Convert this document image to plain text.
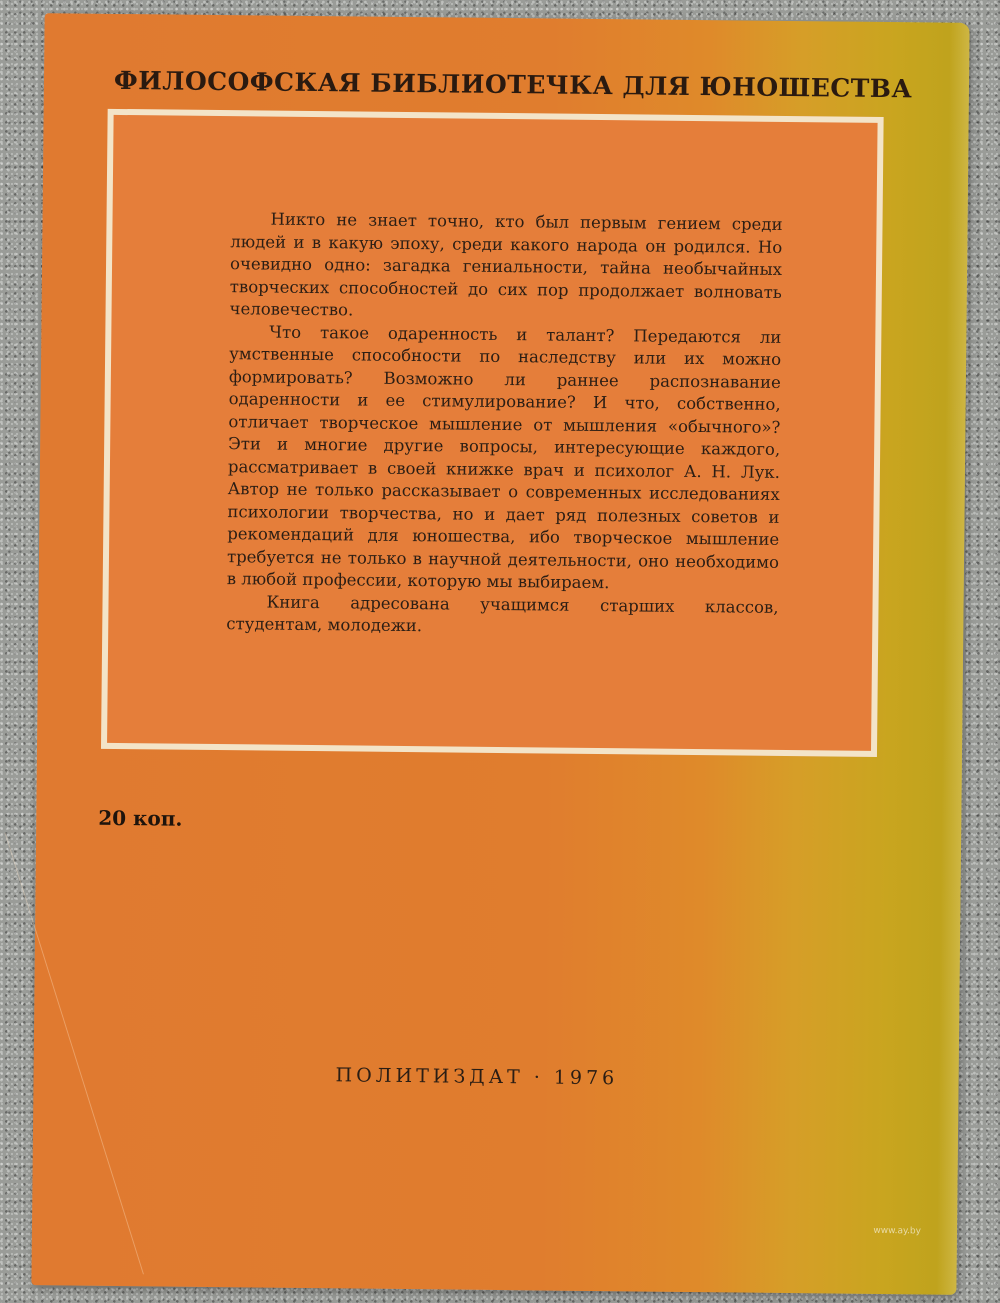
ФИЛОСОФСКАЯ БИБЛИОТЕЧКА ДЛЯ ЮНОШЕСТВА

Никто не знает точно, кто был первым гением среди людей и в какую эпоху, среди какого народа он родился. Но очевидно одно: загадка гениальности, тайна необычайных творческих способностей до сих пор продолжает волновать человечество.

Что такое одаренность и талант? Передаются ли умственные способности по наследству или их можно формировать? Возможно ли раннее распознавание одаренности и ее стимулирование? И что, собственно, отличает творческое мышление от мышления «обычного»? Эти и многие другие вопросы, интересующие каждого, рассматривает в своей книжке врач и психолог А. Н. Лук. Автор не только рассказывает о современных исследованиях психологии творчества, но и дает ряд полезных советов и рекомендаций для юношества, ибо творческое мышление требуется не только в научной деятельности, оно необходимо в любой профессии, которую мы выбираем.

Книга адресована учащимся старших классов, студентам, молодежи.

20 коп.
ПОЛИТИЗДАТ · 1976
www.ay.by
